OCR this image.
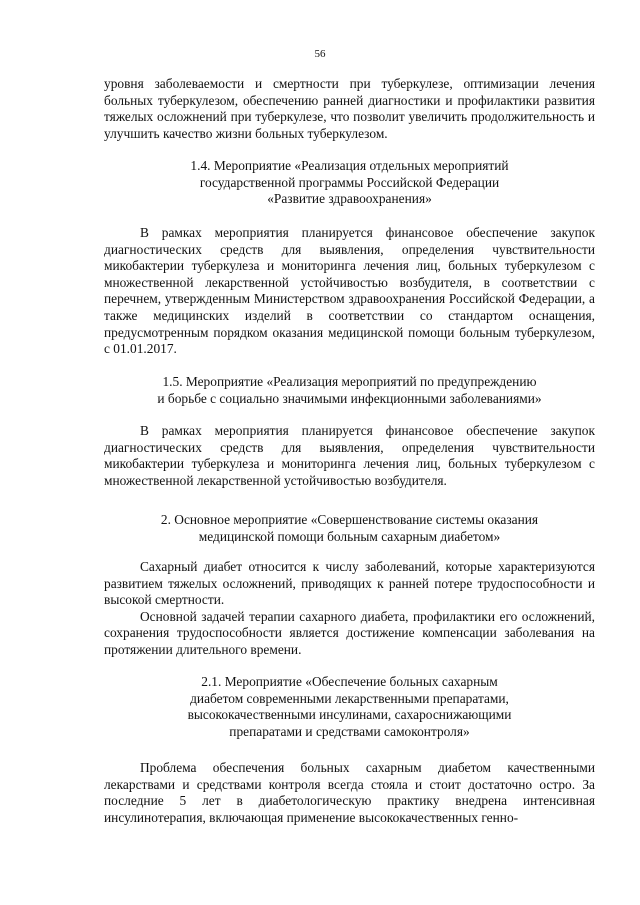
56

уровня заболеваемости и смертности при туберкулезе, оптимизации лечения больных туберкулезом, обеспечению ранней диагностики и профилактики развития тяжелых осложнений при туберкулезе, что позволит увеличить продолжительность и улучшить качество жизни больных туберкулезом.

1.4. Мероприятие «Реализация отдельных мероприятий
государственной программы Российской Федерации
«Развитие здравоохранения»

В рамках мероприятия планируется финансовое обеспечение закупок диагностических средств для выявления, определения чувствительности микобактерии туберкулеза и мониторинга лечения лиц, больных туберкулезом с множественной лекарственной устойчивостью возбудителя, в соответствии с перечнем, утвержденным Министерством здравоохранения Российской Федерации, а также медицинских изделий в соответствии со стандартом оснащения, предусмотренным порядком оказания медицинской помощи больным туберкулезом, с 01.01.2017.

1.5. Мероприятие «Реализация мероприятий по предупреждению
и борьбе с социально значимыми инфекционными заболеваниями»

В рамках мероприятия планируется финансовое обеспечение закупок диагностических средств для выявления, определения чувствительности микобактерии туберкулеза и мониторинга лечения лиц, больных туберкулезом с множественной лекарственной устойчивостью возбудителя.

2. Основное мероприятие «Совершенствование системы оказания
медицинской помощи больным сахарным диабетом»

Сахарный диабет относится к числу заболеваний, которые характеризуются развитием тяжелых осложнений, приводящих к ранней потере трудоспособности и высокой смертности.

Основной задачей терапии сахарного диабета, профилактики его осложнений, сохранения трудоспособности является достижение компенсации заболевания на протяжении длительного времени.

2.1. Мероприятие «Обеспечение больных сахарным
диабетом современными лекарственными препаратами,
высококачественными инсулинами, сахароснижающими
препаратами и средствами самоконтроля»

Проблема обеспечения больных сахарным диабетом качественными лекарствами и средствами контроля всегда стояла и стоит достаточно остро. За последние 5 лет в диабетологическую практику внедрена интенсивная инсулинотерапия, включающая применение высококачественных генно-
